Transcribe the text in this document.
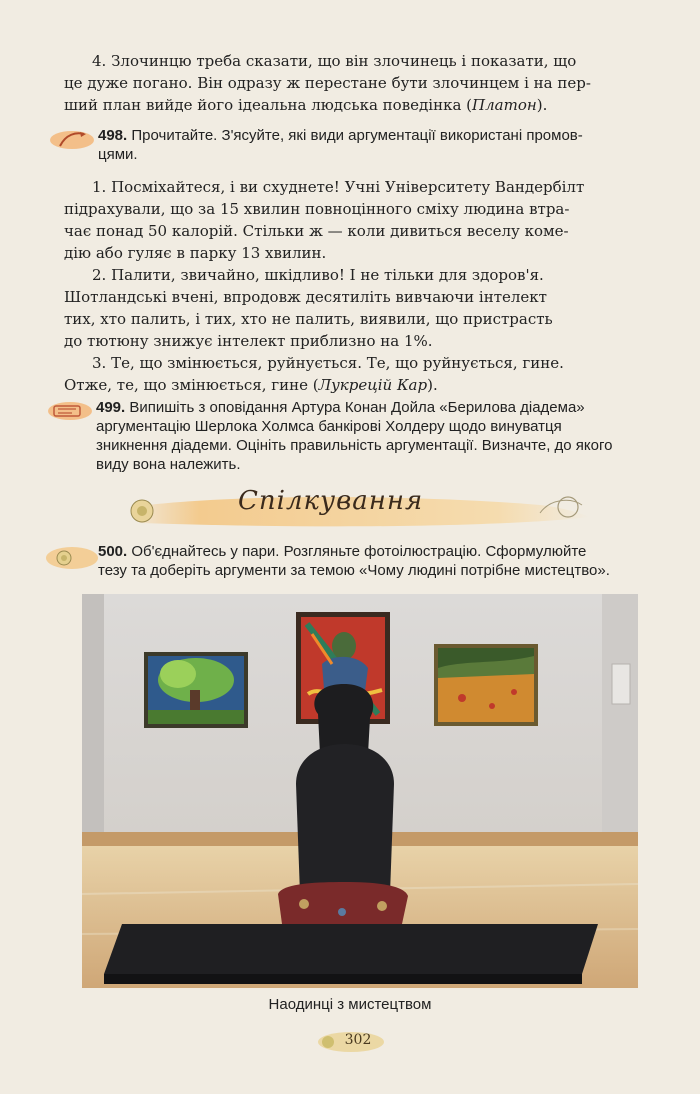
4. Злочинцю треба сказати, що він злочинець і показати, що
це дуже погано. Він одразу ж перестане бути злочинцем і на пер-
ший план вийде його ідеальна людська поведінка (Платон).

498. Прочитайте. З'ясуйте, які види аргументації використані промов-
цями.

1. Посміхайтеся, і ви схуднете! Учні Університету Вандербілт
підрахували, що за 15 хвилин повноцінного сміху людина втра-
чає понад 50 калорій. Стільки ж — коли дивиться веселу коме-
дію або гуляє в парку 13 хвилин.

2. Палити, звичайно, шкідливо! І не тільки для здоров'я.
Шотландські вчені, впродовж десятиліть вивчаючи інтелект
тих, хто палить, і тих, хто не палить, виявили, що пристрасть
до тютюну знижує інтелект приблизно на 1%.

3. Те, що змінюється, руйнується. Те, що руйнується, гине.
Отже, те, що змінюється, гине (Лукрецій Кар).

499. Випишіть з оповідання Артура Конан Дойла «Берилова діадема»
аргументацію Шерлока Холмса банкірові Холдеру щодо винуватця
зникнення діадеми. Оцініть правильність аргументації. Визначте, до якого
виду вона належить.

Спілкування

500. Об'єднайтесь у пари. Розгляньте фотоілюстрацію. Сформулюйте
тезу та доберіть аргументи за темою «Чому людині потрібне мистецтво».

Наодинці з мистецтвом
302
